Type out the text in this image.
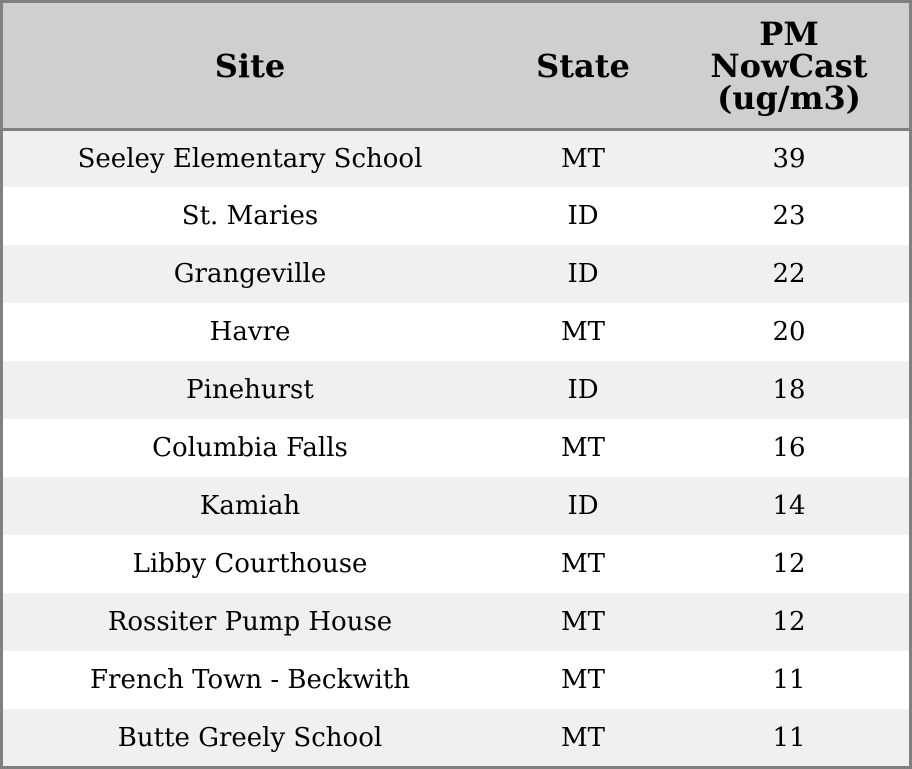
Site	State	PM
NowCast
(ug/m3)

Seeley Elementary School	MT	39
St. Maries	ID	23
Grangeville	ID	22
Havre	MT	20
Pinehurst	ID	18
Columbia Falls	MT	16
Kamiah	ID	14
Libby Courthouse	MT	12
Rossiter Pump House	MT	12
French Town - Beckwith	MT	11
Butte Greely School	MT	11
